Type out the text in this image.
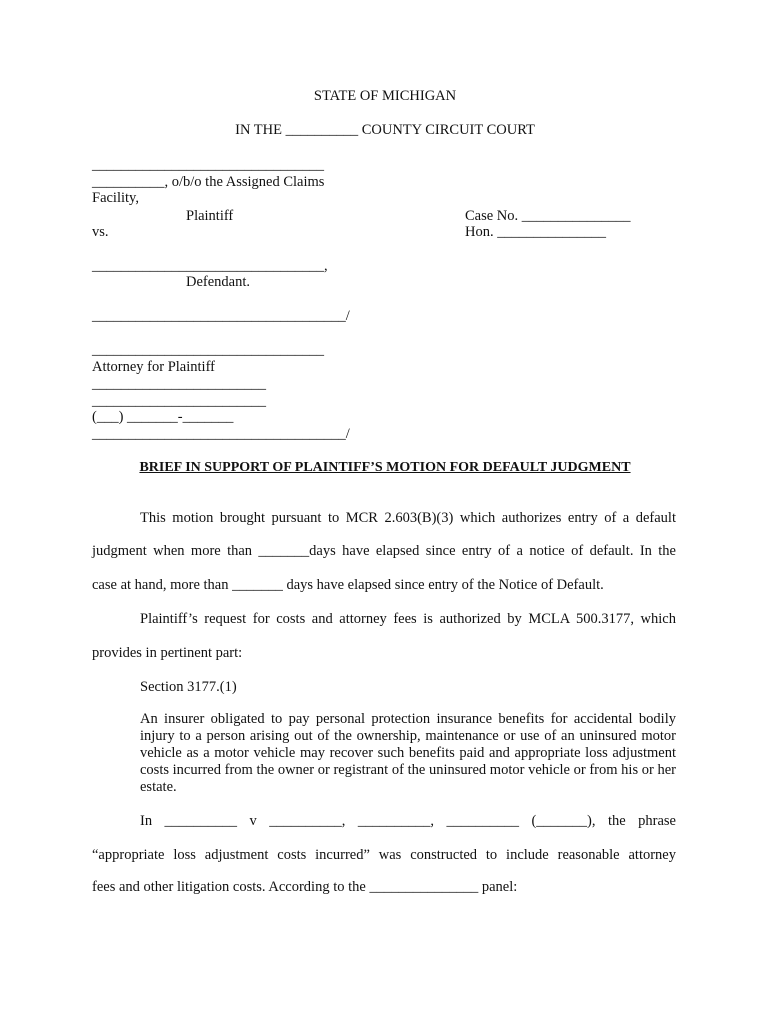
STATE OF MICHIGAN
IN THE __________ COUNTY CIRCUIT COURT
________________________________
__________, o/b/o the Assigned Claims
Facility,
Plaintiff	Case No. _______________
vs.	Hon. _______________
________________________________,
Defendant.
___________________________________/
________________________________
Attorney for Plaintiff
________________________
________________________
(___) _______-_______
___________________________________/
BRIEF IN SUPPORT OF PLAINTIFF’S MOTION FOR DEFAULT JUDGMENT
This motion brought pursuant to MCR 2.603(B)(3) which authorizes entry of a default
judgment when more than _______days have elapsed since entry of a notice of default. In the
case at hand, more than _______ days have elapsed since entry of the Notice of Default.
Plaintiff’s request for costs and attorney fees is authorized by MCLA 500.3177, which
provides in pertinent part:
Section 3177.(1)
An insurer obligated to pay personal protection insurance benefits for accidental bodily injury to a person arising out of the ownership, maintenance or use of an uninsured motor vehicle as a motor vehicle may recover such benefits paid and appropriate loss adjustment costs incurred from the owner or registrant of the uninsured motor vehicle or from his or her estate.
In __________ v __________, __________, __________ (_______), the phrase
“appropriate loss adjustment costs incurred” was constructed to include reasonable attorney
fees and other litigation costs. According to the _______________ panel:
